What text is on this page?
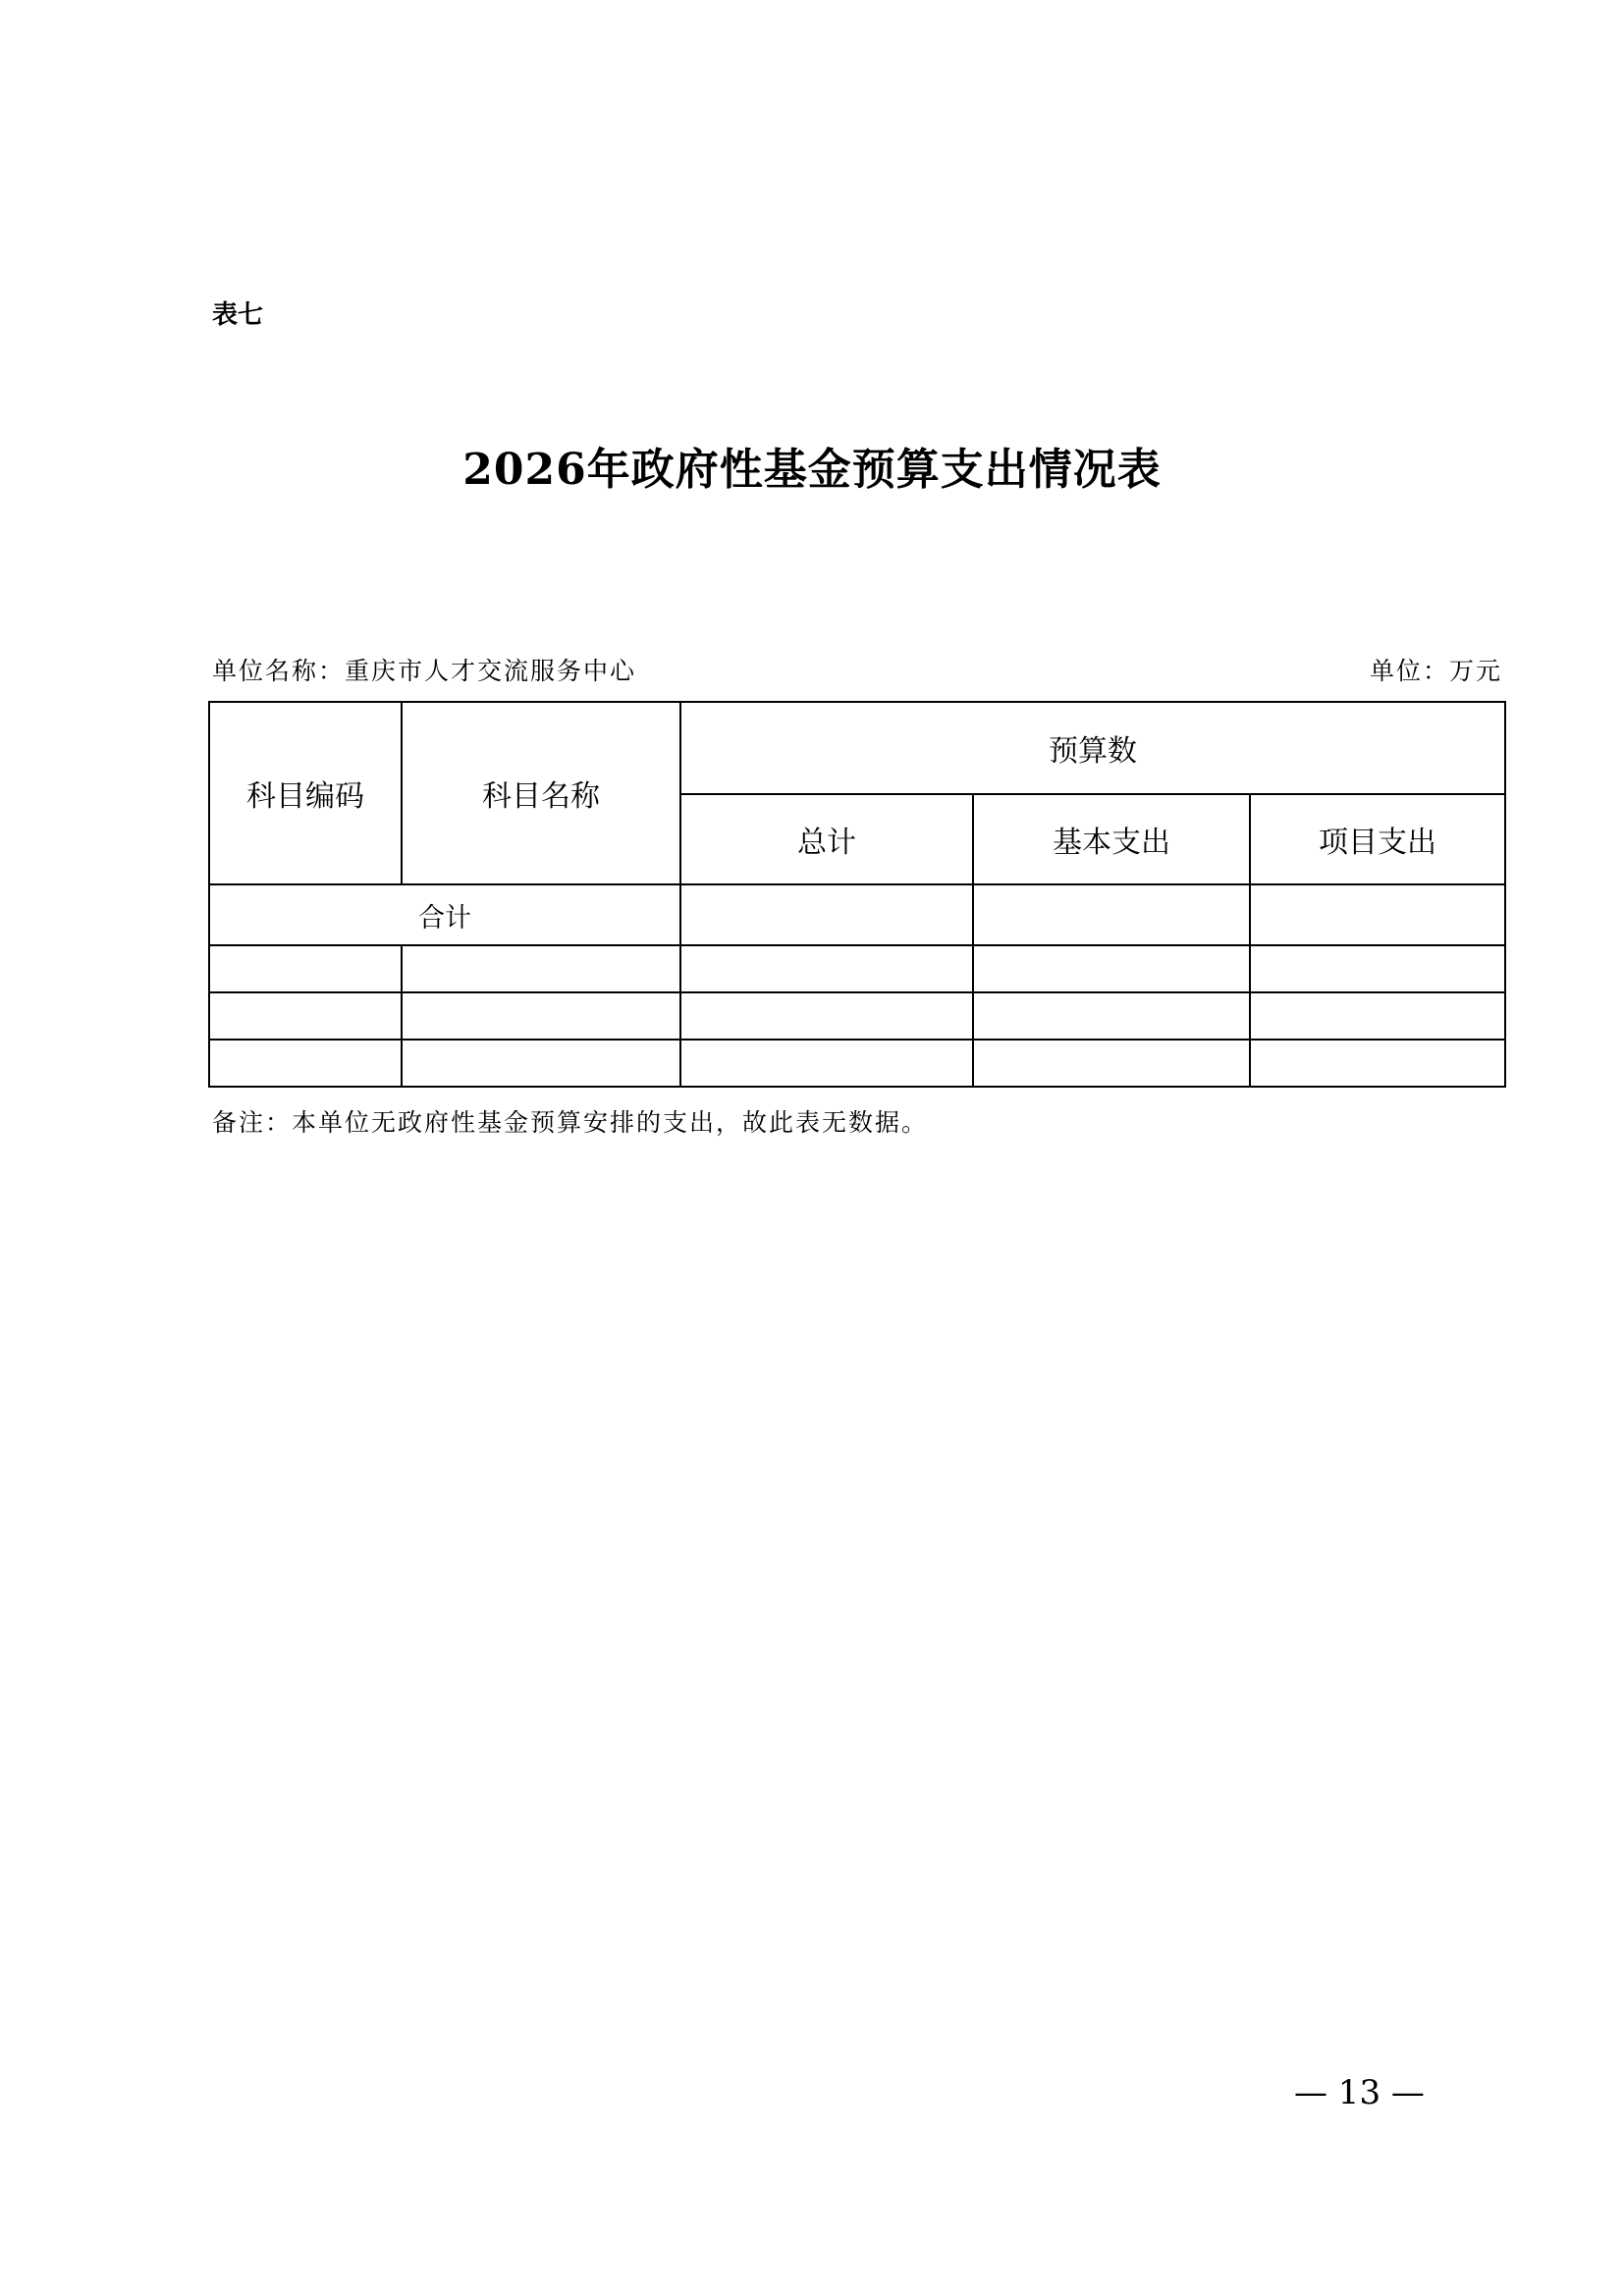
表七
2026年政府性基金预算支出情况表
单位名称：重庆市人才交流服务中心	单位：万元
科目编码	科目名称	预算数		
		总计	基本支出	项目支出
合计				

备注：本单位无政府性基金预算安排的支出，故此表无数据。
— 13 —
